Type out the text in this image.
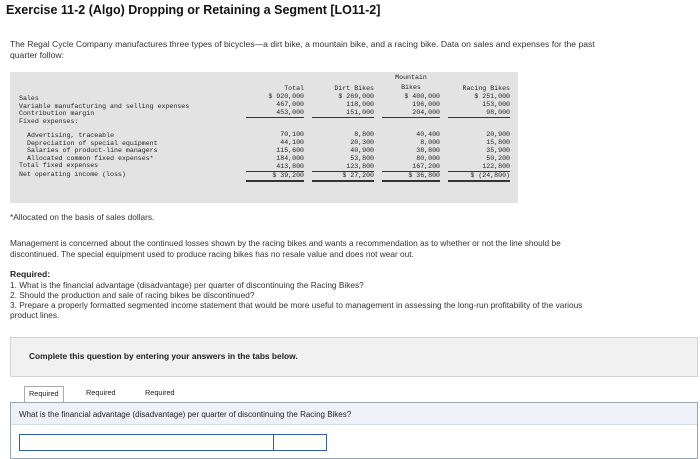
Exercise 11-2 (Algo) Dropping or Retaining a Segment [LO11-2]
The Regal Cycle Company manufactures three types of bicycles—a dirt bike, a mountain bike, and a racing bike. Data on sales and expenses for the past quarter follow:
Sales
Variable manufacturing and selling expenses
Contribution margin
Fixed expenses:
Advertising, traceable
Depreciation of special equipment
Salaries of product-line managers
Allocated common fixed expenses*
Total fixed expenses
Net operating income (loss)
Total
$ 920,000
467,000
453,000
70,100
44,100
115,600
184,000
413,800
$ 39,200
Dirt Bikes
$ 269,000
118,000
151,000
8,800
20,300
40,900
53,800
123,800
$ 27,200
Mountain
Bikes
$ 400,000
196,000
204,000
40,400
8,000
38,800
80,000
167,200
$ 36,800
Racing Bikes
$ 251,000
153,000
98,000
20,900
15,800
35,900
50,200
122,800
$ (24,800)
*Allocated on the basis of sales dollars.
Management is concerned about the continued losses shown by the racing bikes and wants a recommendation as to whether or not the line should be discontinued. The special equipment used to produce racing bikes has no resale value and does not wear out.
Required:
1. What is the financial advantage (disadvantage) per quarter of discontinuing the Racing Bikes?
2. Should the production and sale of racing bikes be discontinued?
3. Prepare a properly formatted segmented income statement that would be more useful to management in assessing the long-run profitability of the various product lines.
Complete this question by entering your answers in the tabs below.
Required	Required	Required
What is the financial advantage (disadvantage) per quarter of discontinuing the Racing Bikes?
